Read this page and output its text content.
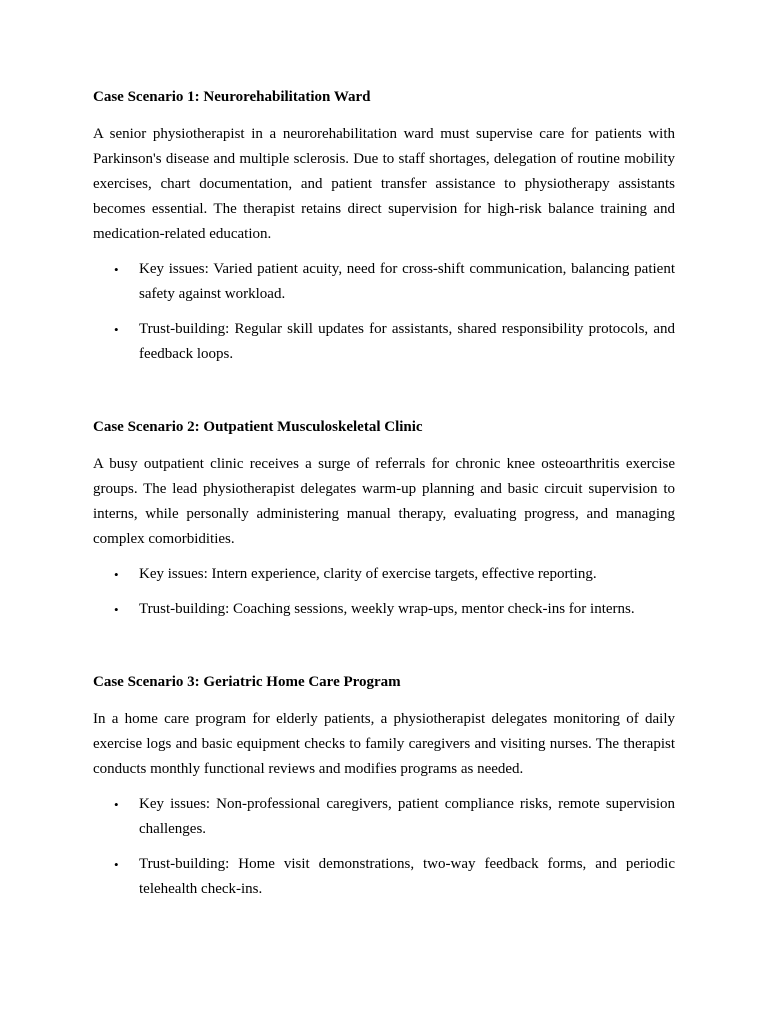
Case Scenario 1: Neurorehabilitation Ward
A senior physiotherapist in a neurorehabilitation ward must supervise care for patients with Parkinson's disease and multiple sclerosis. Due to staff shortages, delegation of routine mobility exercises, chart documentation, and patient transfer assistance to physiotherapy assistants becomes essential. The therapist retains direct supervision for high-risk balance training and medication-related education.
• Key issues: Varied patient acuity, need for cross-shift communication, balancing patient safety against workload.
• Trust-building: Regular skill updates for assistants, shared responsibility protocols, and feedback loops.
Case Scenario 2: Outpatient Musculoskeletal Clinic
A busy outpatient clinic receives a surge of referrals for chronic knee osteoarthritis exercise groups. The lead physiotherapist delegates warm-up planning and basic circuit supervision to interns, while personally administering manual therapy, evaluating progress, and managing complex comorbidities.
• Key issues: Intern experience, clarity of exercise targets, effective reporting.
• Trust-building: Coaching sessions, weekly wrap-ups, mentor check-ins for interns.
Case Scenario 3: Geriatric Home Care Program
In a home care program for elderly patients, a physiotherapist delegates monitoring of daily exercise logs and basic equipment checks to family caregivers and visiting nurses. The therapist conducts monthly functional reviews and modifies programs as needed.
• Key issues: Non-professional caregivers, patient compliance risks, remote supervision challenges.
• Trust-building: Home visit demonstrations, two-way feedback forms, and periodic telehealth check-ins.
